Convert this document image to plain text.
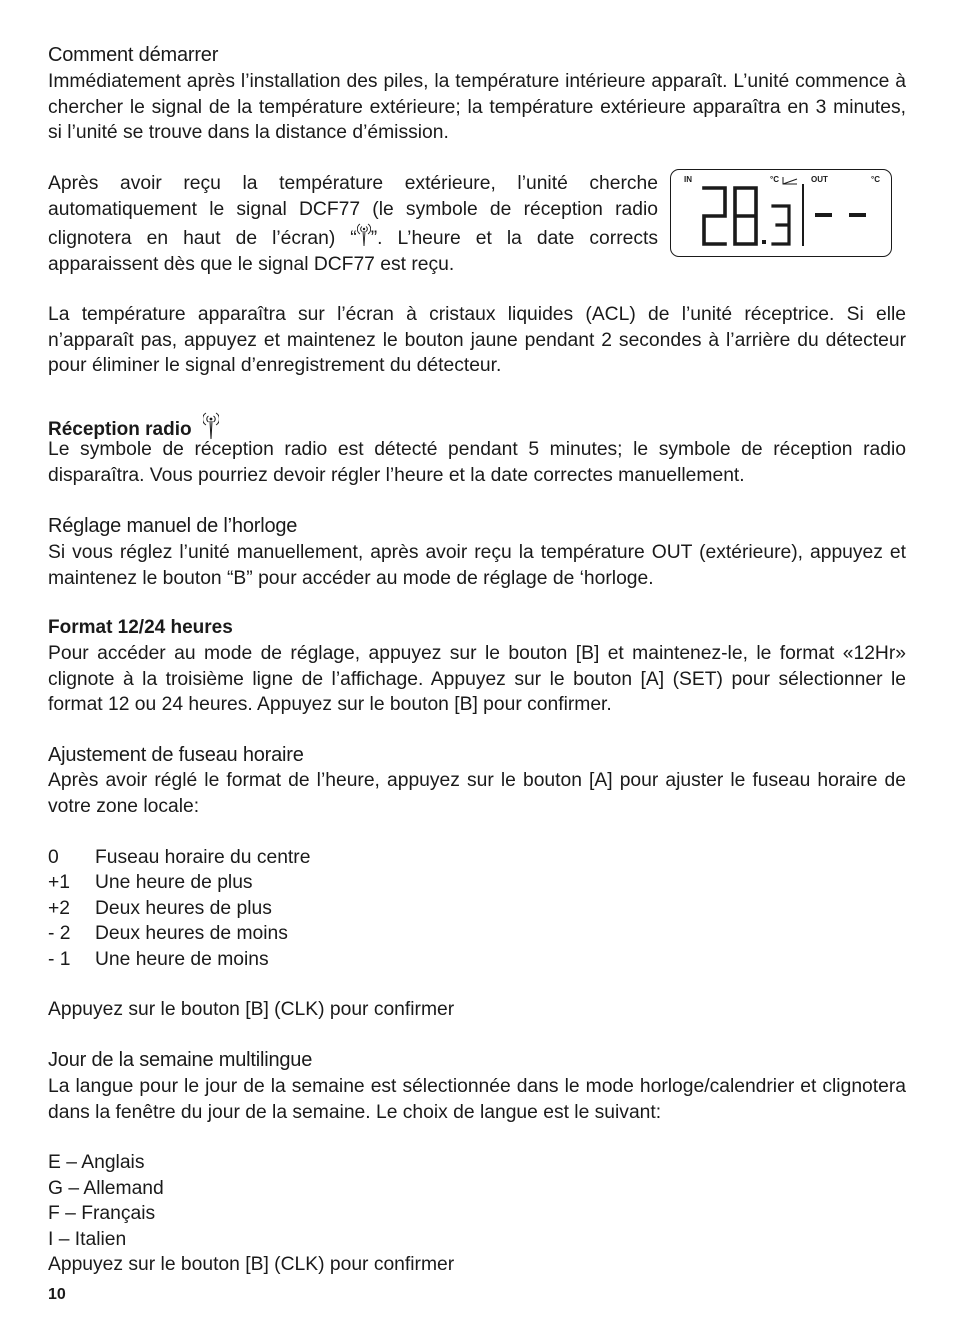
Comment démarrer
Immédiatement après l’installation des piles, la température intérieure apparaît. L’unité commence à chercher le signal de la température extérieure; la température extérieure apparaîtra en 3 minutes, si l’unité se trouve dans la distance d’émission.
Après avoir reçu la température extérieure, l’unité cherche automatiquement le signal DCF77 (le symbole de réception radio clignotera en haut de l’écran) “ ”. L’heure et la date corrects apparaissent dès que le signal DCF77 est reçu.
La température apparaîtra sur l’écran à cristaux liquides (ACL) de l’unité réceptrice. Si elle n’apparaît pas, appuyez et maintenez le bouton jaune pendant 2 secondes à l’arrière du détecteur pour éliminer le signal d’enregistrement du détecteur.
Réception radio
Le symbole de réception radio est détecté pendant 5 minutes; le symbole de réception radio disparaîtra. Vous pourriez devoir régler l’heure et la date correctes manuellement.
Réglage manuel de l’horloge
Si vous réglez l’unité manuellement, après avoir reçu la température OUT (extérieure), appuyez et maintenez le bouton “B” pour accéder au mode de réglage de ‘horloge.
Format 12/24 heures
Pour accéder au mode de réglage, appuyez sur le bouton [B] et maintenez-le, le format «12Hr» clignote à la troisième ligne de l’affichage. Appuyez sur le bouton [A] (SET) pour sélectionner le format 12 ou 24 heures. Appuyez sur le bouton [B] pour confirmer.
Ajustement de fuseau horaire
Après avoir réglé le format de l’heure, appuyez sur le bouton [A] pour ajuster le fuseau horaire de votre zone locale:
0	Fuseau horaire du centre
+1	Une heure de plus
+2	Deux heures de plus
- 2	Deux heures de moins
- 1	Une heure de moins
Appuyez sur le bouton [B] (CLK) pour confirmer
Jour de la semaine multilingue
La langue pour le jour de la semaine est sélectionnée dans le mode horloge/calendrier et clignotera dans la fenêtre du jour de la semaine. Le choix de langue est le suivant:
E – Anglais
G – Allemand
F – Français
I – Italien
Appuyez sur le bouton [B] (CLK) pour confirmer
IN	°C	OUT	°C
10
